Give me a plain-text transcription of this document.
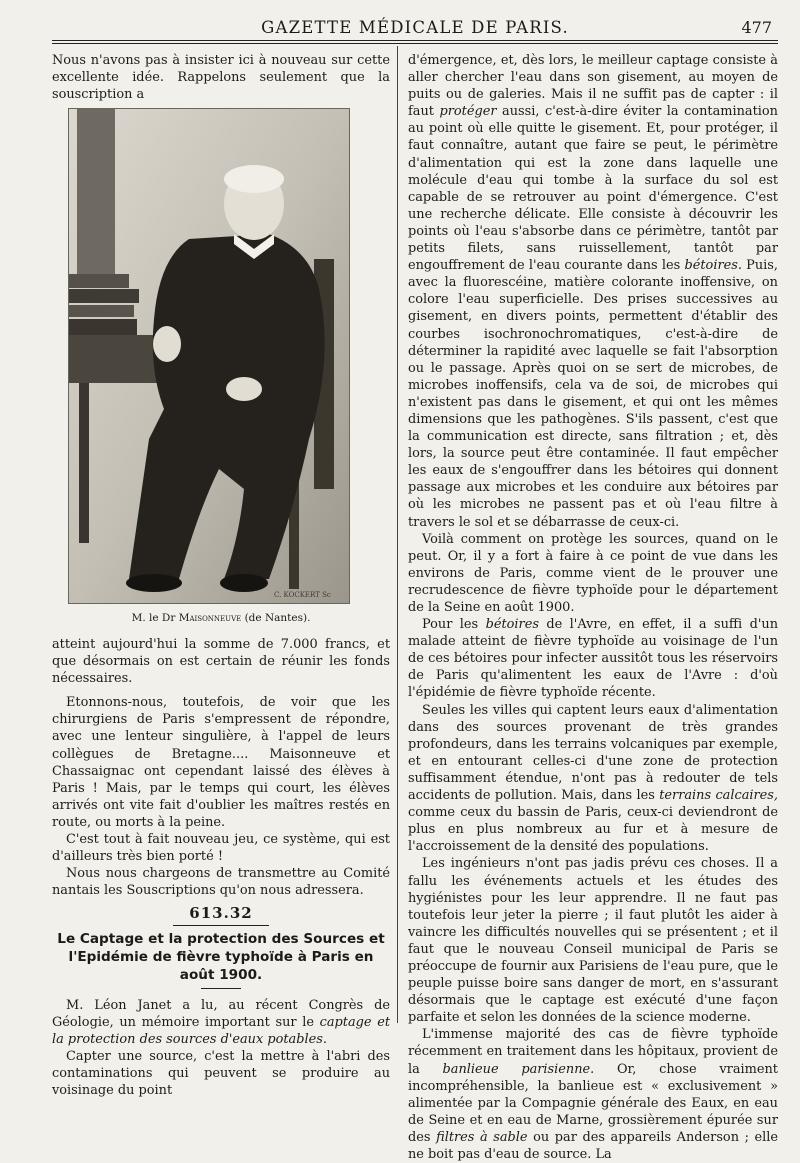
GAZETTE MÉDICALE DE PARIS.	477

Nous n'avons pas à insister ici à nouveau sur cette excellente idée. Rappelons seulement que la souscription a

C. KOCKERT Sc
M. le Dr Maisonneuve (de Nantes).

atteint aujourd'hui la somme de 7.000 francs, et que désormais on est certain de réunir les fonds nécessaires.

Etonnons-nous, toutefois, de voir que les chirurgiens de Paris s'empressent de répondre, avec une lenteur singulière, à l'appel de leurs collègues de Bretagne.... Maisonneuve et Chassaignac ont cependant laissé des élèves à Paris ! Mais, par le temps qui court, les élèves arrivés ont vite fait d'oublier les maîtres restés en route, ou morts à la peine.

C'est tout à fait nouveau jeu, ce système, qui est d'ailleurs très bien porté !

Nous nous chargeons de transmettre au Comité nantais les Souscriptions qu'on nous adressera.

613.32
Le Captage et la protection des Sources et l'Epidémie de fièvre typhoïde à Paris en août 1900.

M. Léon Janet a lu, au récent Congrès de Géologie, un mémoire important sur le captage et la protection des sources d'eaux potables.

Capter une source, c'est la mettre à l'abri des contaminations qui peuvent se produire au voisinage du point

d'émergence, et, dès lors, le meilleur captage consiste à aller chercher l'eau dans son gisement, au moyen de puits ou de galeries. Mais il ne suffit pas de capter : il faut protéger aussi, c'est-à-dire éviter la contamination au point où elle quitte le gisement. Et, pour protéger, il faut connaître, autant que faire se peut, le périmètre d'alimentation qui est la zone dans laquelle une molécule d'eau qui tombe à la surface du sol est capable de se retrouver au point d'émergence. C'est une recherche délicate. Elle consiste à découvrir les points où l'eau s'absorbe dans ce périmètre, tantôt par petits filets, sans ruissellement, tantôt par engouffrement de l'eau courante dans les bétoires. Puis, avec la fluorescéine, matière colorante inoffensive, on colore l'eau superficielle. Des prises successives au gisement, en divers points, permettent d'établir des courbes isochronochromatiques, c'est-à-dire de déterminer la rapidité avec laquelle se fait l'absorption ou le passage. Après quoi on se sert de microbes, de microbes inoffensifs, cela va de soi, de microbes qui n'existent pas dans le gisement, et qui ont les mêmes dimensions que les pathogènes. S'ils passent, c'est que la communication est directe, sans filtration ; et, dès lors, la source peut être contaminée. Il faut empêcher les eaux de s'engouffrer dans les bétoires qui donnent passage aux microbes et les conduire aux bétoires par où les microbes ne passent pas et où l'eau filtre à travers le sol et se débarrasse de ceux-ci.

Voilà comment on protège les sources, quand on le peut. Or, il y a fort à faire à ce point de vue dans les environs de Paris, comme vient de le prouver une recrudescence de fièvre typhoïde pour le département de la Seine en août 1900.

Pour les bétoires de l'Avre, en effet, il a suffi d'un malade atteint de fièvre typhoïde au voisinage de l'un de ces bétoires pour infecter aussitôt tous les réservoirs de Paris qu'alimentent les eaux de l'Avre : d'où l'épidémie de fièvre typhoïde récente.

Seules les villes qui captent leurs eaux d'alimentation dans des sources provenant de très grandes profondeurs, dans les terrains volcaniques par exemple, et en entourant celles-ci d'une zone de protection suffisamment étendue, n'ont pas à redouter de tels accidents de pollution. Mais, dans les terrains calcaires, comme ceux du bassin de Paris, ceux-ci deviendront de plus en plus nombreux au fur et à mesure de l'accroissement de la densité des populations.

Les ingénieurs n'ont pas jadis prévu ces choses. Il a fallu les événements actuels et les études des hygiénistes pour les leur apprendre. Il ne faut pas toutefois leur jeter la pierre ; il faut plutôt les aider à vaincre les difficultés nouvelles qui se présentent ; et il faut que le nouveau Conseil municipal de Paris se préoccupe de fournir aux Parisiens de l'eau pure, que le peuple puisse boire sans danger de mort, en s'assurant désormais que le captage est exécuté d'une façon parfaite et selon les données de la science moderne.

L'immense majorité des cas de fièvre typhoïde récemment en traitement dans les hôpitaux, provient de la banlieue parisienne. Or, chose vraiment incompréhensible, la banlieue est « exclusivement » alimentée par la Compagnie générale des Eaux, en eau de Seine et en eau de Marne, grossièrement épurée sur des filtres à sable ou par des appareils Anderson ; elle ne boit pas d'eau de source. La
